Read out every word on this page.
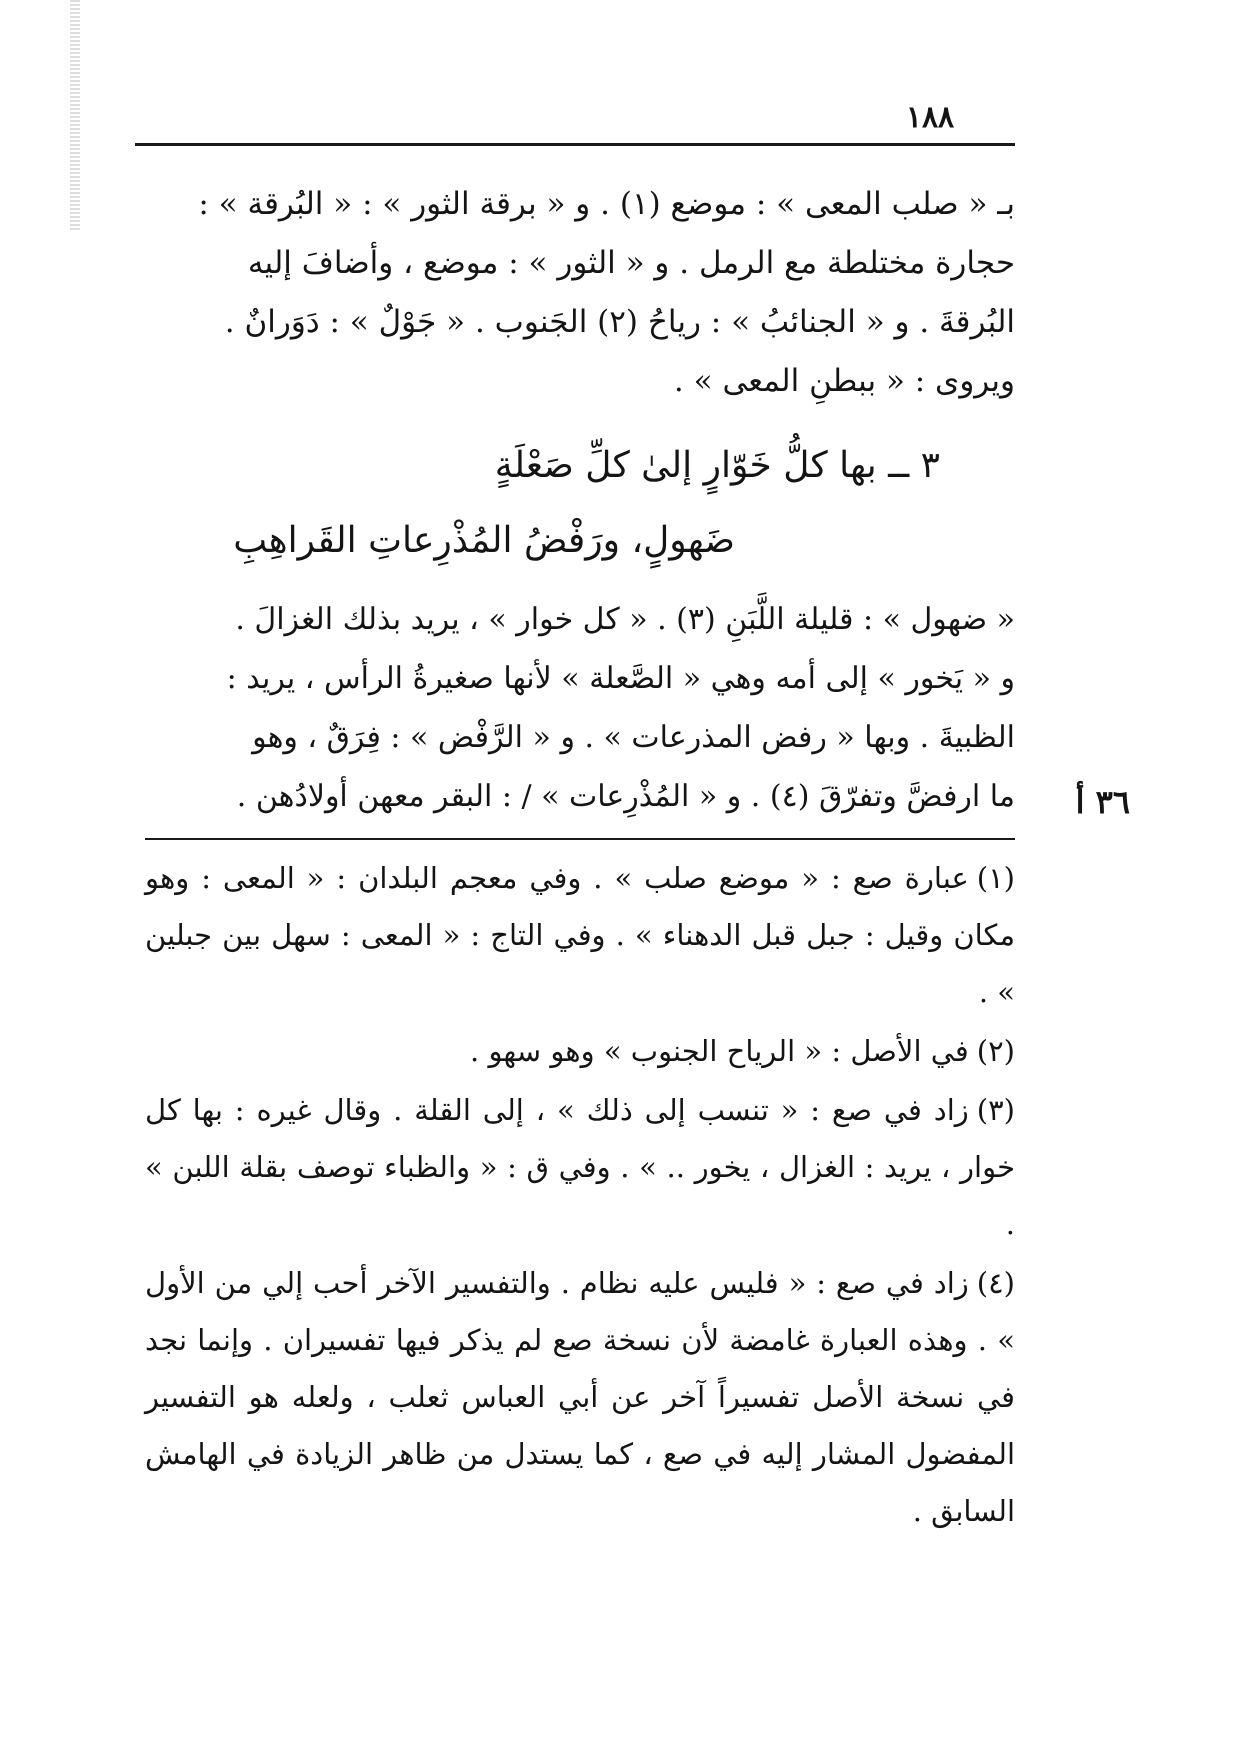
١٨٨

بـ « صلب المعى » : موضع (١) . و « برقة الثور » : « البُرقة » :

حجارة مختلطة مع الرمل . و « الثور » : موضع ، وأضافَ إليه

البُرقةَ . و « الجنائبُ » : رياحُ (٢) الجَنوب . « جَوْلٌ » : دَوَرانٌ .

ويروى : « ببطنِ المعى » .

٣ ــ بها كلُّ خَوّارٍ إلىٰ كلِّ صَعْلَةٍ
ضَهولٍ، ورَفْضُ المُذْرِعاتِ القَراهِبِ

« ضهول » : قليلة اللَّبَنِ (٣) . « كل خوار » ، يريد بذلك الغزالَ .

و « يَخور » إلى أمه وهي « الصَّعلة » لأنها صغيرةُ الرأس ، يريد :

الظبيةَ . وبها « رفض المذرعات » . و « الرَّفْض » : فِرَقٌ ، وهو

ما ارفضَّ وتفرّقَ (٤) . و « المُذْرِعات » / : البقر معهن أولادُهن .	٣٦ أ

(١)عبارة صع : « موضع صلب » . وفي معجم البلدان : « المعى : وهو مكان وقيل : جبل قبل الدهناء » . وفي التاج : « المعى : سهل بين جبلين » .

(٢)في الأصل : « الرياح الجنوب » وهو سهو .

(٣)زاد في صع : « تنسب إلى ذلك » ، إلى القلة . وقال غيره : بها كل خوار ، يريد : الغزال ، يخور .. » . وفي ق : « والظباء توصف بقلة اللبن » .

(٤)زاد في صع : « فليس عليه نظام . والتفسير الآخر أحب إلي من الأول » . وهذه العبارة غامضة لأن نسخة صع لم يذكر فيها تفسيران . وإنما نجد في نسخة الأصل تفسيراً آخر عن أبي العباس ثعلب ، ولعله هو التفسير المفضول المشار إليه في صع ، كما يستدل من ظاهر الزيادة في الهامش السابق .
